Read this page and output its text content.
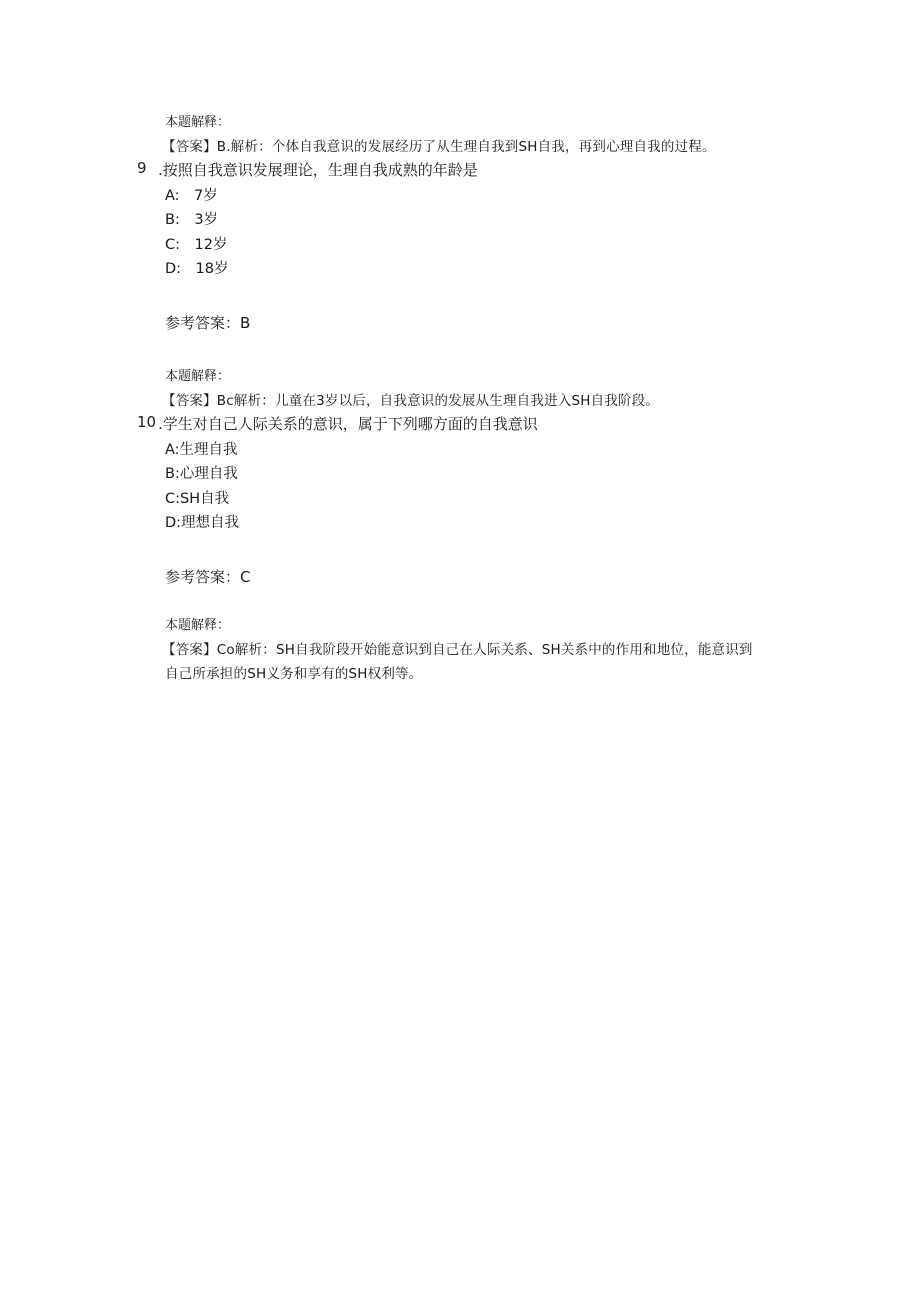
本题解释：
【答案】B.解析：个体自我意识的发展经历了从生理自我到SH自我，再到心理自我的过程。
9 .按照自我意识发展理论，生理自我成熟的年龄是
A:　7岁
B:　3岁
C:　12岁
D:　18岁
参考答案：B
本题解释：
【答案】Bc解析：儿童在3岁以后，自我意识的发展从生理自我进入SH自我阶段。
10 .学生对自己人际关系的意识，属于下列哪方面的自我意识
A:生理自我
B:心理自我
C:SH自我
D:理想自我
参考答案：C
本题解释：
【答案】Co解析：SH自我阶段开始能意识到自己在人际关系、SH关系中的作用和地位，能意识到
自己所承担的SH义务和享有的SH权利等。
